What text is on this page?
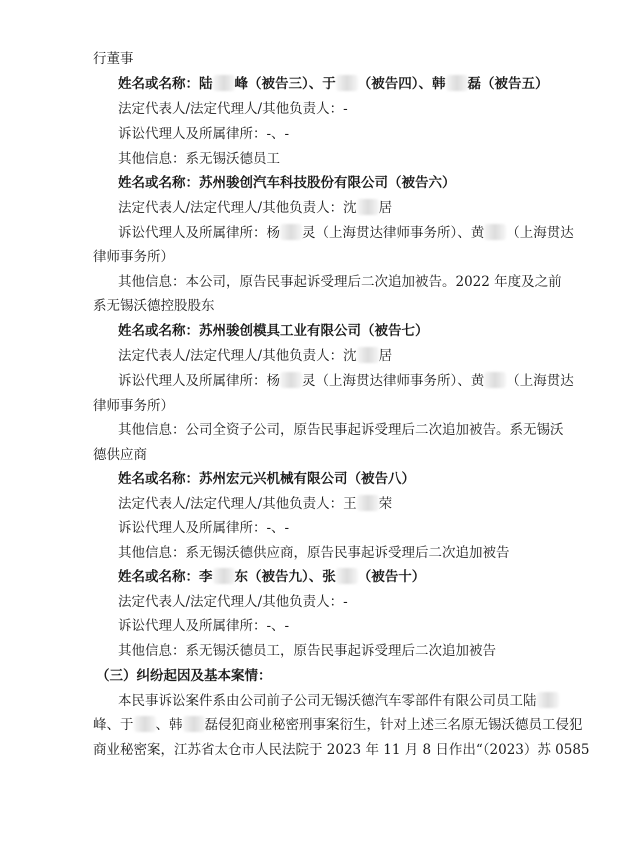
行董事
姓名或名称：陆 峰（被告三）、于 （被告四）、韩 磊（被告五）
法定代表人/法定代理人/其他负责人：-
诉讼代理人及所属律所：-、-
其他信息：系无锡沃德员工
姓名或名称：苏州骏创汽车科技股份有限公司（被告六）
法定代表人/法定代理人/其他负责人：沈 居
诉讼代理人及所属律所：杨 灵（上海贯达律师事务所）、黄 （上海贯达
律师事务所）
其他信息：本公司，原告民事起诉受理后二次追加被告。2022 年度及之前
系无锡沃德控股股东
姓名或名称：苏州骏创模具工业有限公司（被告七）
法定代表人/法定代理人/其他负责人：沈 居
诉讼代理人及所属律所：杨 灵（上海贯达律师事务所）、黄 （上海贯达
律师事务所）
其他信息：公司全资子公司，原告民事起诉受理后二次追加被告。系无锡沃
德供应商
姓名或名称：苏州宏元兴机械有限公司（被告八）
法定代表人/法定代理人/其他负责人：王 荣
诉讼代理人及所属律所：-、-
其他信息：系无锡沃德供应商，原告民事起诉受理后二次追加被告
姓名或名称：李 东（被告九）、张 （被告十）
法定代表人/法定代理人/其他负责人：-
诉讼代理人及所属律所：-、-
其他信息：系无锡沃德员工，原告民事起诉受理后二次追加被告
（三）纠纷起因及基本案情：
本民事诉讼案件系由公司前子公司无锡沃德汽车零部件有限公司员工陆
峰、于 、韩 磊侵犯商业秘密刑事案衍生，针对上述三名原无锡沃德员工侵犯
商业秘密案，江苏省太仓市人民法院于 2023 年 11 月 8 日作出“（2023）苏 0585
